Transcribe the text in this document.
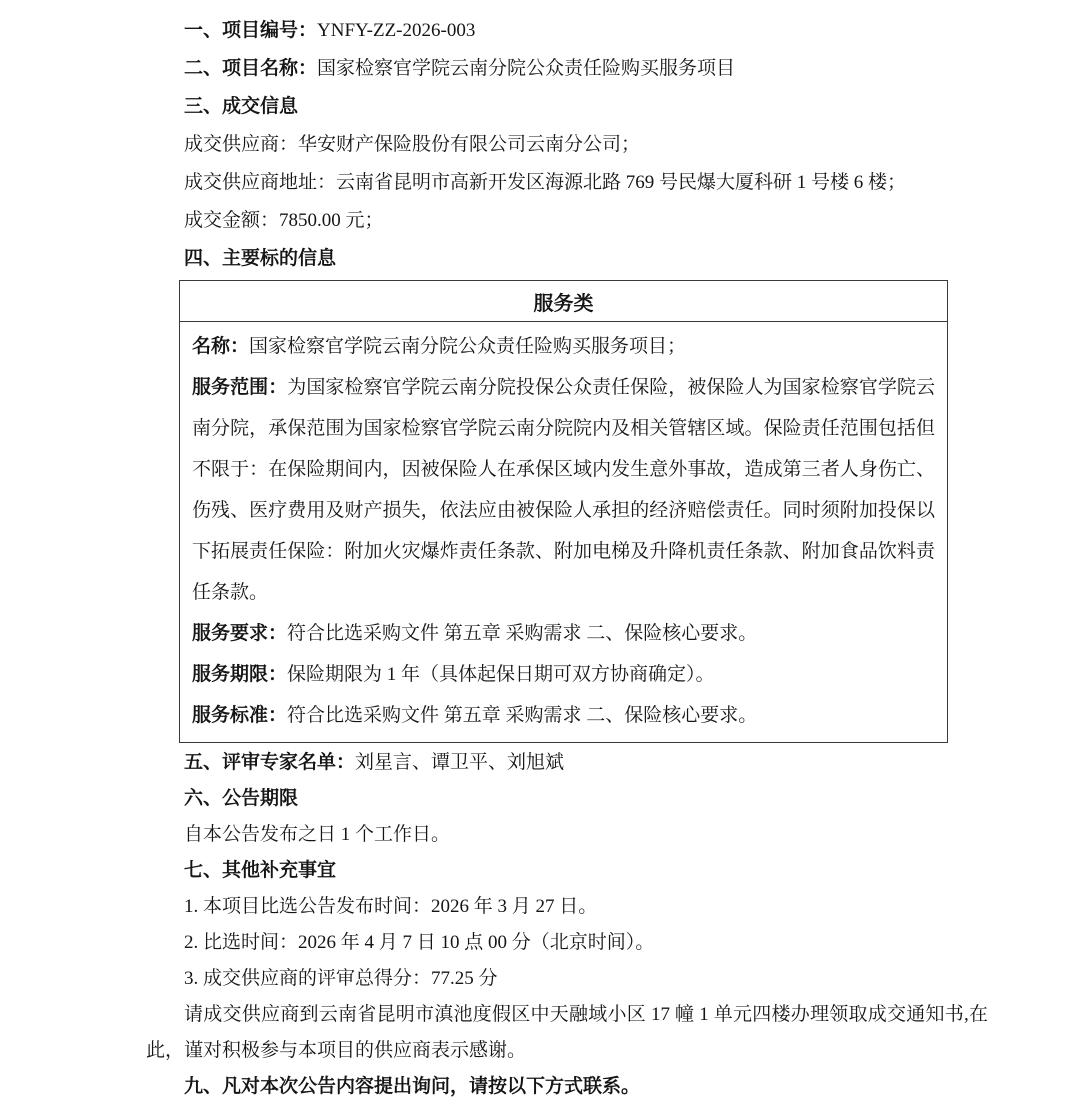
一、项目编号：YNFY-ZZ-2026-003

二、项目名称：国家检察官学院云南分院公众责任险购买服务项目

三、成交信息

成交供应商：华安财产保险股份有限公司云南分公司；

成交供应商地址：云南省昆明市高新开发区海源北路 769 号民爆大厦科研 1 号楼 6 楼；

成交金额：7850.00 元；

四、主要标的信息

服务类

名称：国家检察官学院云南分院公众责任险购买服务项目；

服务范围：为国家检察官学院云南分院投保公众责任保险，被保险人为国家检察官学院云南分院，承保范围为国家检察官学院云南分院院内及相关管辖区域。保险责任范围包括但不限于：在保险期间内，因被保险人在承保区域内发生意外事故，造成第三者人身伤亡、伤残、医疗费用及财产损失，依法应由被保险人承担的经济赔偿责任。同时须附加投保以下拓展责任保险：附加火灾爆炸责任条款、附加电梯及升降机责任条款、附加食品饮料责任条款。

服务要求：符合比选采购文件 第五章 采购需求 二、保险核心要求。

服务期限：保险期限为 1 年（具体起保日期可双方协商确定）。

服务标准：符合比选采购文件 第五章 采购需求 二、保险核心要求。

五、评审专家名单：刘星言、谭卫平、刘旭斌

六、公告期限

自本公告发布之日 1 个工作日。

七、其他补充事宜

1. 本项目比选公告发布时间：2026 年 3 月 27 日。

2. 比选时间：2026 年 4 月 7 日 10 点 00 分（北京时间）。

3. 成交供应商的评审总得分：77.25 分

请成交供应商到云南省昆明市滇池度假区中天融域小区 17 幢 1 单元四楼办理领取成交通知书,在此，谨对积极参与本项目的供应商表示感谢。

九、凡对本次公告内容提出询问，请按以下方式联系。
